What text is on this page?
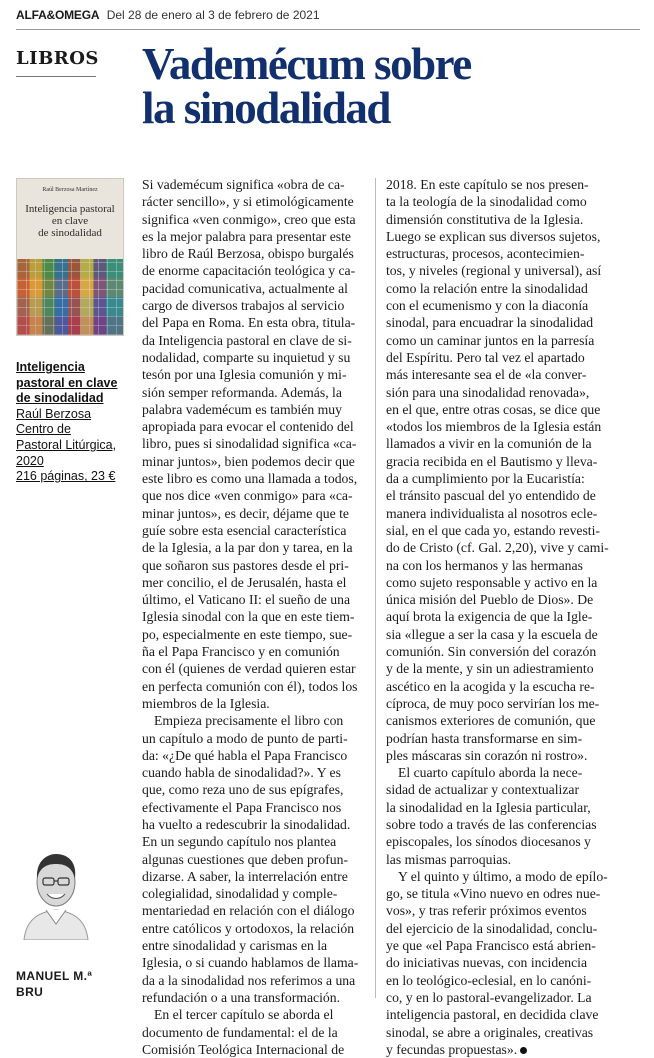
ALFA&OMEGA Del 28 de enero al 3 de febrero de 2021
LIBROS Vademécum sobre
la sinodalidad
Raúl Berzosa Martínez
Inteligencia pastoral
en clave
de sinodalidad
Inteligencia
pastoral en clave
de sinodalidad
Raúl Berzosa
Centro de
Pastoral Litúrgica,
2020
216 páginas, 23 €
MANUEL M.ª
BRU
Si vademécum significa «obra de ca-
rácter sencillo», y si etimológicamente
significa «ven conmigo», creo que esta
es la mejor palabra para presentar este
libro de Raúl Berzosa, obispo burgalés
de enorme capacitación teológica y ca-
pacidad comunicativa, actualmente al
cargo de diversos trabajos al servicio
del Papa en Roma. En esta obra, titula-
da Inteligencia pastoral en clave de si-
nodalidad, comparte su inquietud y su
tesón por una Iglesia comunión y mi-
sión semper reformanda. Además, la
palabra vademécum es también muy
apropiada para evocar el contenido del
libro, pues si sinodalidad significa «ca-
minar juntos», bien podemos decir que
este libro es como una llamada a todos,
que nos dice «ven conmigo» para «ca-
minar juntos», es decir, déjame que te
guíe sobre esta esencial característica
de la Iglesia, a la par don y tarea, en la
que soñaron sus pastores desde el pri-
mer concilio, el de Jerusalén, hasta el
último, el Vaticano II: el sueño de una
Iglesia sinodal con la que en este tiem-
po, especialmente en este tiempo, sue-
ña el Papa Francisco y en comunión
con él (quienes de verdad quieren estar
en perfecta comunión con él), todos los
miembros de la Iglesia.
Empieza precisamente el libro con
un capítulo a modo de punto de parti-
da: «¿De qué habla el Papa Francisco
cuando habla de sinodalidad?». Y es
que, como reza uno de sus epígrafes,
efectivamente el Papa Francisco nos
ha vuelto a redescubrir la sinodalidad.
En un segundo capítulo nos plantea
algunas cuestiones que deben profun-
dizarse. A saber, la interrelación entre
colegialidad, sinodalidad y comple-
mentariedad en relación con el diálogo
entre católicos y ortodoxos, la relación
entre sinodalidad y carismas en la
Iglesia, o si cuando hablamos de llama-
da a la sinodalidad nos referimos a una
refundación o a una transformación.
En el tercer capítulo se aborda el
documento de fundamental: el de la
Comisión Teológica Internacional de
2018. En este capítulo se nos presen-
ta la teología de la sinodalidad como
dimensión constitutiva de la Iglesia.
Luego se explican sus diversos sujetos,
estructuras, procesos, acontecimien-
tos, y niveles (regional y universal), así
como la relación entre la sinodalidad
con el ecumenismo y con la diaconía
sinodal, para encuadrar la sinodalidad
como un caminar juntos en la parresía
del Espíritu. Pero tal vez el apartado
más interesante sea el de «la conver-
sión para una sinodalidad renovada»,
en el que, entre otras cosas, se dice que
«todos los miembros de la Iglesia están
llamados a vivir en la comunión de la
gracia recibida en el Bautismo y lleva-
da a cumplimiento por la Eucaristía:
el tránsito pascual del yo entendido de
manera individualista al nosotros ecle-
sial, en el que cada yo, estando revesti-
do de Cristo (cf. Gal. 2,20), vive y cami-
na con los hermanos y las hermanas
como sujeto responsable y activo en la
única misión del Pueblo de Dios». De
aquí brota la exigencia de que la Igle-
sia «llegue a ser la casa y la escuela de
comunión. Sin conversión del corazón
y de la mente, y sin un adiestramiento
ascético en la acogida y la escucha re-
cíproca, de muy poco servirían los me-
canismos exteriores de comunión, que
podrían hasta transformarse en sim-
ples máscaras sin corazón ni rostro».
El cuarto capítulo aborda la nece-
sidad de actualizar y contextualizar
la sinodalidad en la Iglesia particular,
sobre todo a través de las conferencias
episcopales, los sínodos diocesanos y
las mismas parroquias.
Y el quinto y último, a modo de epílo-
go, se titula «Vino nuevo en odres nue-
vos», y tras referir próximos eventos
del ejercicio de la sinodalidad, conclu-
ye que «el Papa Francisco está abrien-
do iniciativas nuevas, con incidencia
en lo teológico-eclesial, en lo canóni-
co, y en lo pastoral-evangelizador. La
inteligencia pastoral, en decidida clave
sinodal, se abre a originales, creativas
y fecundas propuestas».
